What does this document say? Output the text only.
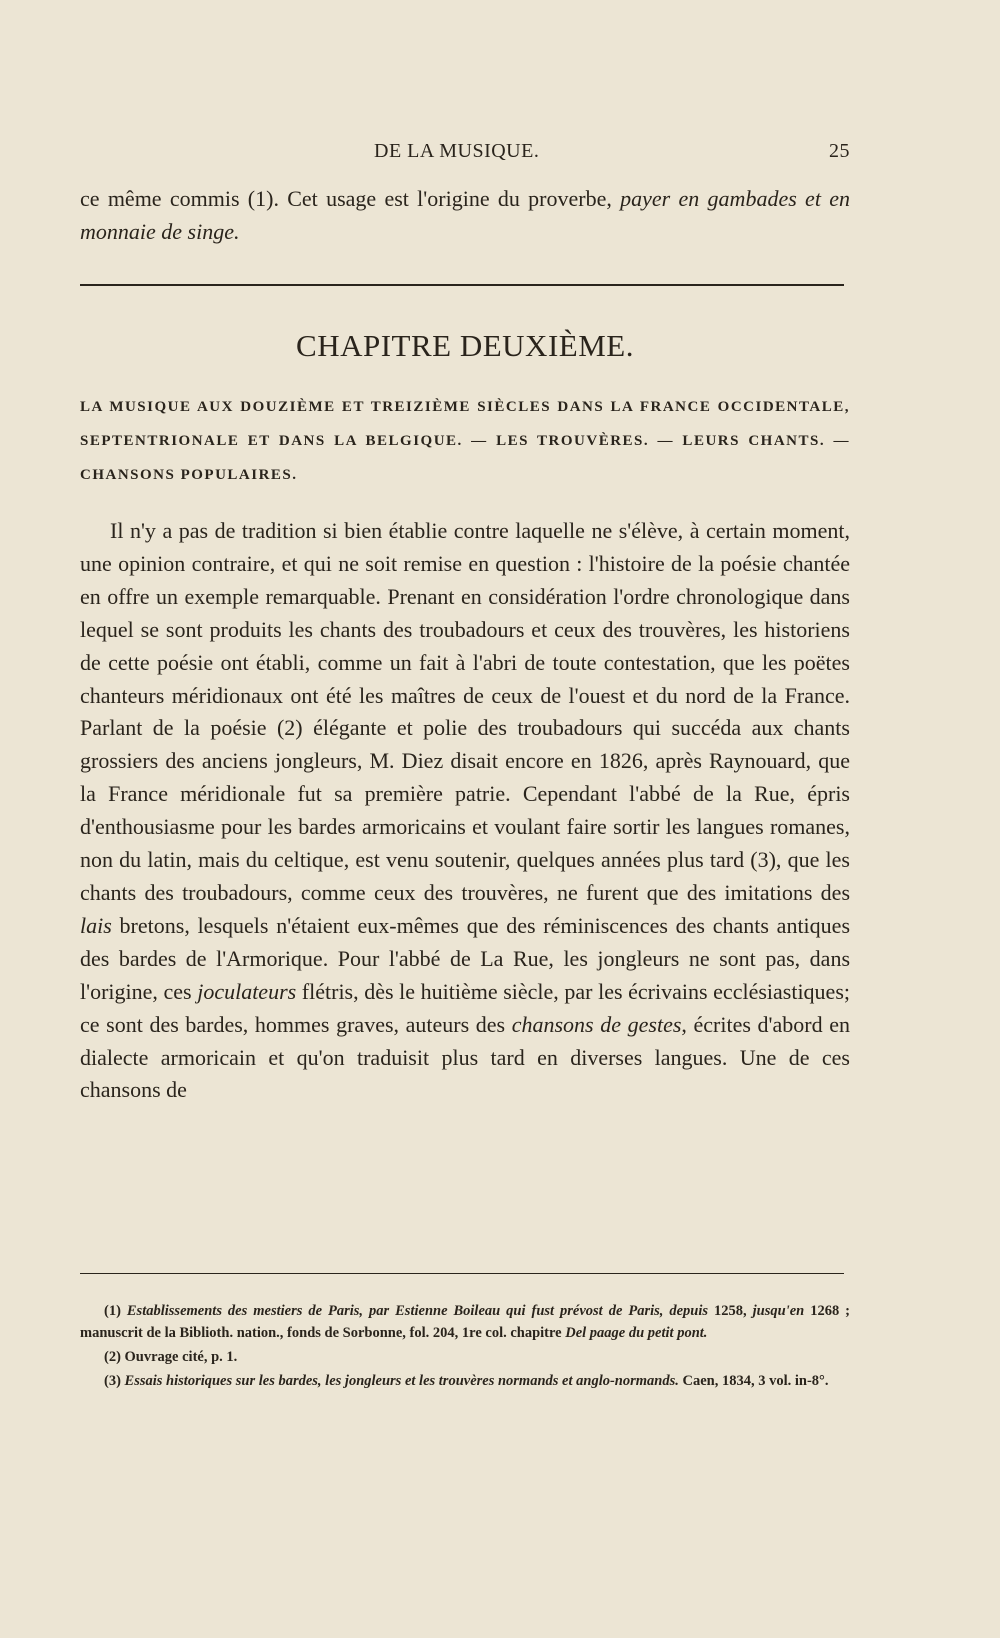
DE LA MUSIQUE.	25

ce même commis (1). Cet usage est l'origine du proverbe, payer en gambades et en monnaie de singe.

CHAPITRE DEUXIÈME.
LA MUSIQUE AUX DOUZIÈME ET TREIZIÈME SIÈCLES DANS LA FRANCE OCCIDENTALE, SEPTENTRIONALE ET DANS LA BELGIQUE. — LES TROUVÈRES. — LEURS CHANTS. — CHANSONS POPULAIRES.

Il n'y a pas de tradition si bien établie contre laquelle ne s'élève, à certain moment, une opinion contraire, et qui ne soit remise en question : l'histoire de la poésie chantée en offre un exemple remarquable. Prenant en considération l'ordre chronologique dans lequel se sont produits les chants des troubadours et ceux des trouvères, les historiens de cette poésie ont établi, comme un fait à l'abri de toute contestation, que les poëtes chanteurs méridionaux ont été les maîtres de ceux de l'ouest et du nord de la France. Parlant de la poésie (2) élégante et polie des troubadours qui succéda aux chants grossiers des anciens jongleurs, M. Diez disait encore en 1826, après Raynouard, que la France méridionale fut sa première patrie. Cependant l'abbé de la Rue, épris d'enthousiasme pour les bardes armoricains et voulant faire sortir les langues romanes, non du latin, mais du celtique, est venu soutenir, quelques années plus tard (3), que les chants des troubadours, comme ceux des trouvères, ne furent que des imitations des lais bretons, lesquels n'étaient eux-mêmes que des réminiscences des chants antiques des bardes de l'Armorique. Pour l'abbé de La Rue, les jongleurs ne sont pas, dans l'origine, ces joculateurs flétris, dès le huitième siècle, par les écrivains ecclésiastiques; ce sont des bardes, hommes graves, auteurs des chansons de gestes, écrites d'abord en dialecte armoricain et qu'on traduisit plus tard en diverses langues. Une de ces chansons de

(1) Establissements des mestiers de Paris, par Estienne Boileau qui fust prévost de Paris, depuis 1258, jusqu'en 1268 ; manuscrit de la Biblioth. nation., fonds de Sorbonne, fol. 204, 1re col. chapitre Del paage du petit pont.

(2) Ouvrage cité, p. 1.

(3) Essais historiques sur les bardes, les jongleurs et les trouvères normands et anglo-normands. Caen, 1834, 3 vol. in-8°.
